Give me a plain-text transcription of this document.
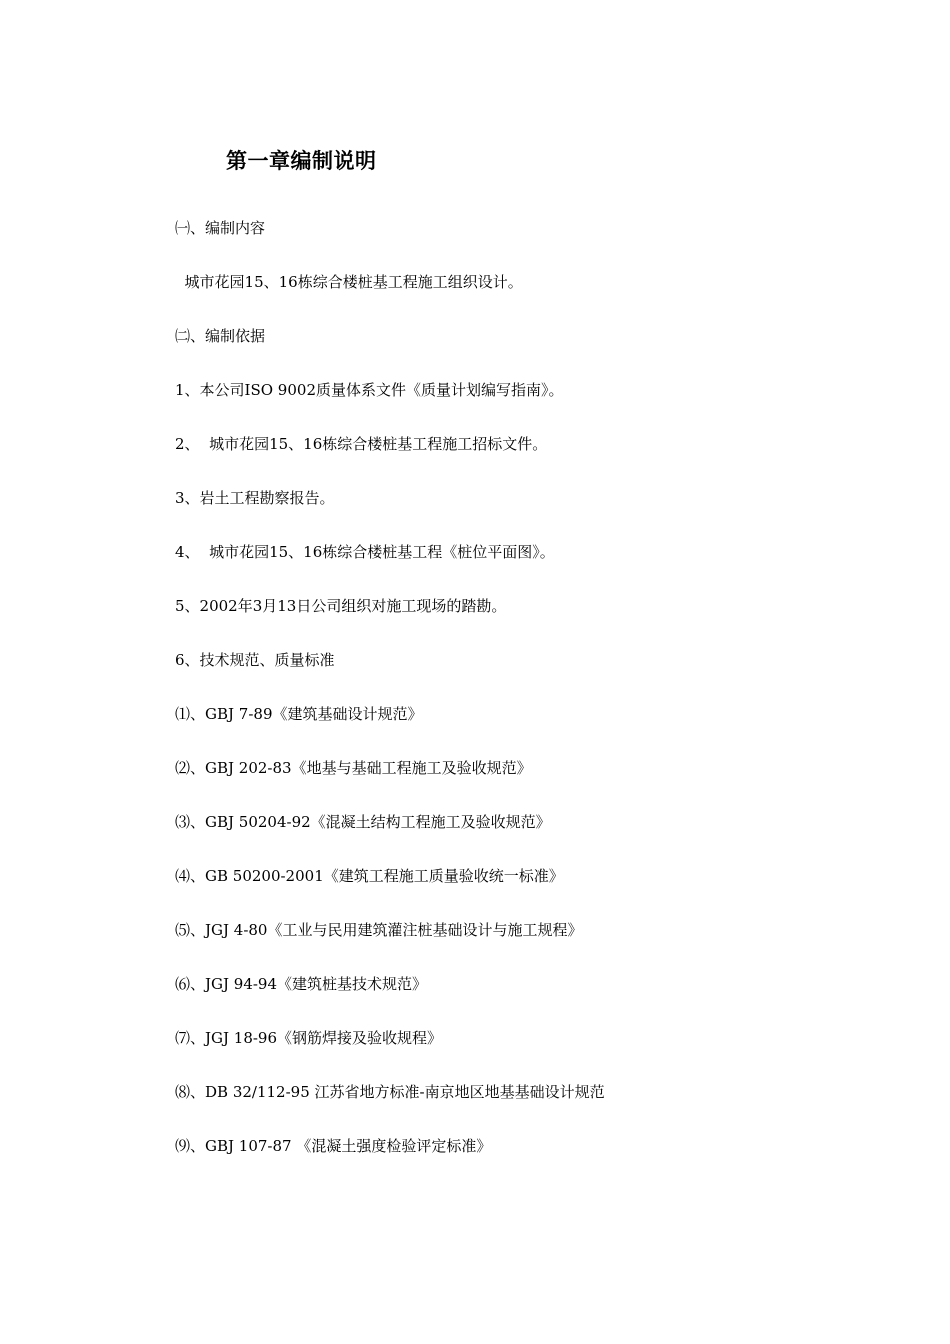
第一章编制说明
㈠、编制内容
城市花园15、16栋综合楼桩基工程施工组织设计。
㈡、编制依据
1、本公司ISO 9002质量体系文件《质量计划编写指南》。
2、  城市花园15、16栋综合楼桩基工程施工招标文件。
3、岩土工程勘察报告。
4、  城市花园15、16栋综合楼桩基工程《桩位平面图》。
5、2002年3月13日公司组织对施工现场的踏勘。
6、技术规范、质量标准
⑴、GBJ 7-89《建筑基础设计规范》
⑵、GBJ 202-83《地基与基础工程施工及验收规范》
⑶、GBJ 50204-92《混凝土结构工程施工及验收规范》
⑷、GB 50200-2001《建筑工程施工质量验收统一标准》
⑸、JGJ 4-80《工业与民用建筑灌注桩基础设计与施工规程》
⑹、JGJ 94-94《建筑桩基技术规范》
⑺、JGJ 18-96《钢筋焊接及验收规程》
⑻、DB 32/112-95 江苏省地方标准-南京地区地基基础设计规范
⑼、GBJ 107-87 《混凝土强度检验评定标准》
